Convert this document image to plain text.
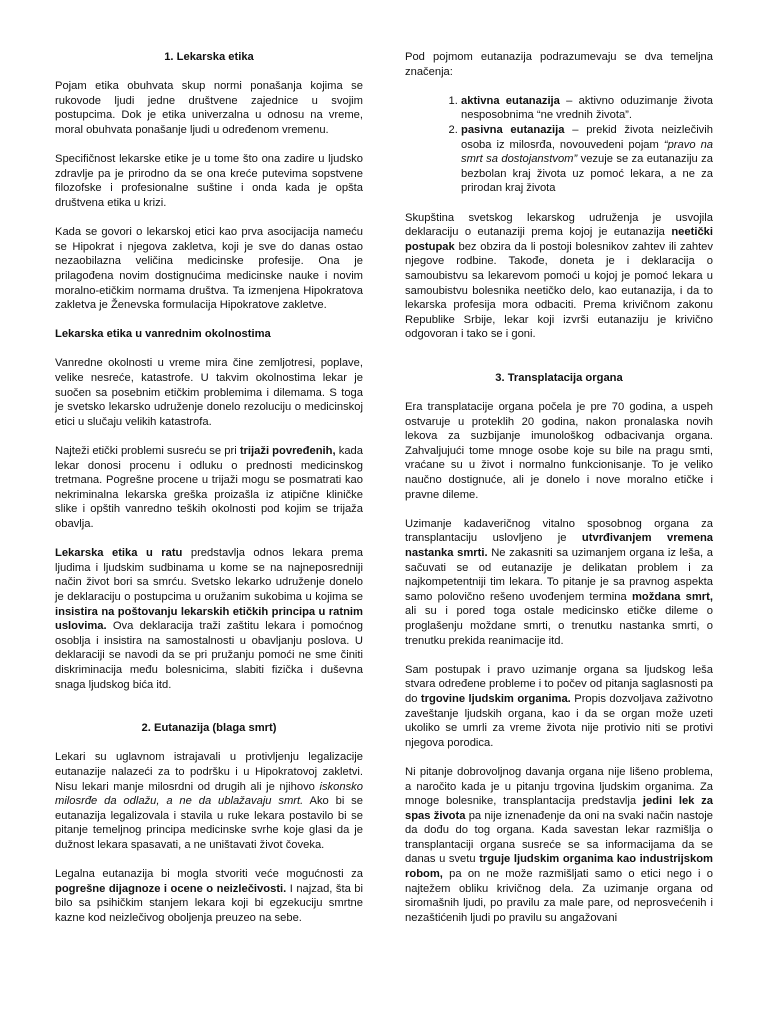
1. Lekarska etika

Pojam etika obuhvata skup normi ponašanja kojima se rukovode ljudi jedne društvene zajednice u svojim postupcima. Dok je etika univerzalna u odnosu na vreme, moral obuhvata ponašanje ljudi u određenom vremenu.

Specifičnost lekarske etike je u tome što ona zadire u ljudsko zdravlje pa je prirodno da se ona kreće putevima sopstvene filozofske i profesionalne suštine i onda kada je opšta društvena etika u krizi.

Kada se govori o lekarskoj etici kao prva asocijacija nameću se Hipokrat i njegova zakletva, koji je sve do danas ostao nezaobilazna veličina medicinske profesije. Ona je prilagođena novim dostignućima medicinske nauke i novim moralno-etičkim normama društva. Ta izmenjena Hipokratova zakletva je Ženevska formulacija Hipokratove zakletve.

Lekarska etika u vanrednim okolnostima

Vanredne okolnosti u vreme mira čine zemljotresi, poplave, velike nesreće, katastrofe. U takvim okolnostima lekar je suočen sa posebnim etičkim problemima i dilemama. S toga je svetsko lekarsko udruženje donelo rezoluciju o medicinskoj etici u slučaju velikih katastrofa.

Najteži etički problemi susreću se pri trijaži povređenih, kada lekar donosi procenu i odluku o prednosti medicinskog tretmana. Pogrešne procene u trijaži mogu se posmatrati kao nekriminalna lekarska greška proizašla iz atipične kliničke slike i opštih vanredno teških okolnosti pod kojim se trijaža obavlja.

Lekarska etika u ratu predstavlja odnos lekara prema ljudima i ljudskim sudbinama u kome se na najneposredniji način život bori sa smrću. Svetsko lekarko udruženje donelo je deklaraciju o postupcima u oružanim sukobima u kojima se insistira na poštovanju lekarskih etičkih principa u ratnim uslovima. Ova deklaracija traži zaštitu lekara i pomoćnog osoblja i insistira na samostalnosti u obavljanju poslova. U deklaraciji se navodi da se pri pružanju pomoći ne sme činiti diskriminacija među bolesnicima, slabiti fizička i duševna snaga ljudskog bića itd.

2. Eutanazija (blaga smrt)

Lekari su uglavnom istrajavali u protivljenju legalizacije eutanazije nalazeći za to podršku i u Hipokratovoj zakletvi. Nisu lekari manje milosrdni od drugih ali je njihovo iskonsko milosrđe da odlažu, a ne da ublažavaju smrt. Ako bi se eutanazija legalizovala i stavila u ruke lekara postavilo bi se pitanje temeljnog principa medicinske svrhe koje glasi da je dužnost lekara spasavati, a ne uništavati život čoveka.

Legalna eutanazija bi mogla stvoriti veće mogućnosti za pogrešne dijagnoze i ocene o neizlečivosti. I najzad, šta bi bilo sa psihičkim stanjem lekara koji bi egzekuciju smrtne kazne kod neizlečivog oboljenja preuzeo na sebe.

Pod pojmom eutanazija podrazumevaju se dva temeljna značenja:

1. aktivna eutanazija – aktivno oduzimanje života nesposobnima “ne vrednih života”.
2. pasivna eutanazija – prekid života neizlečivih osoba iz milosrđa, novouvedeni pojam “pravo na smrt sa dostojanstvom” vezuje se za eutanaziju za bezbolan kraj života uz pomoć lekara, a ne za prirodan kraj života

Skupština svetskog lekarskog udruženja je usvojila deklaraciju o eutanaziji prema kojoj je eutanazija neetički postupak bez obzira da li postoji bolesnikov zahtev ili zahtev njegove rodbine. Takođe, doneta je i deklaracija o samoubistvu sa lekarevom pomoći u kojoj je pomoć lekara u samoubistvu bolesnika neetičko delo, kao eutanazija, i da to lekarska profesija mora odbaciti. Prema krivičnom zakonu Republike Srbije, lekar koji izvrši eutanaziju je krivično odgovoran i tako se i goni.

3. Transplatacija organa

Era transplatacije organa počela je pre 70 godina, a uspeh ostvaruje u proteklih 20 godina, nakon pronalaska novih lekova za suzbijanje imunološkog odbacivanja organa. Zahvaljujući tome mnoge osobe koje su bile na pragu smti, vraćane su u život i normalno funkcionisanje. To je veliko naučno dostignuće, ali je donelo i nove moralno etičke i pravne dileme.

Uzimanje kadaveričnog vitalno sposobnog organa za transplantaciju uslovljeno je utvrđivanjem vremena nastanka smrti. Ne zakasniti sa uzimanjem organa iz leša, a sačuvati se od eutanazije je delikatan problem i za najkompetentniji tim lekara. To pitanje je sa pravnog aspekta samo polovično rešeno uvođenjem termina moždana smrt, ali su i pored toga ostale medicinsko etičke dileme o proglašenju moždane smrti, o trenutku nastanka smrti, o trenutku prekida reanimacije itd.

Sam postupak i pravo uzimanje organa sa ljudskog leša stvara određene probleme i to počev od pitanja saglasnosti pa do trgovine ljudskim organima. Propis dozvoljava zaživotno zaveštanje ljudskih organa, kao i da se organ može uzeti ukoliko se umrli za vreme života nije protivio niti se protivi njegova porodica.

Ni pitanje dobrovoljnog davanja organa nije lišeno problema, a naročito kada je u pitanju trgovina ljudskim organima. Za mnoge bolesnike, transplantacija predstavlja jedini lek za spas života pa nije iznenađenje da oni na svaki način nastoje da dođu do tog organa. Kada savestan lekar razmišlja o transplantaciji organa susreće se sa informacijama da se danas u svetu trguje ljudskim organima kao industrijskom robom, pa on ne može razmišljati samo o etici nego i o najtežem obliku krivičnog dela. Za uzimanje organa od siromašnih ljudi, po pravilu za male pare, od neprosvećenih i nezaštićenih ljudi po pravilu su angažovani
